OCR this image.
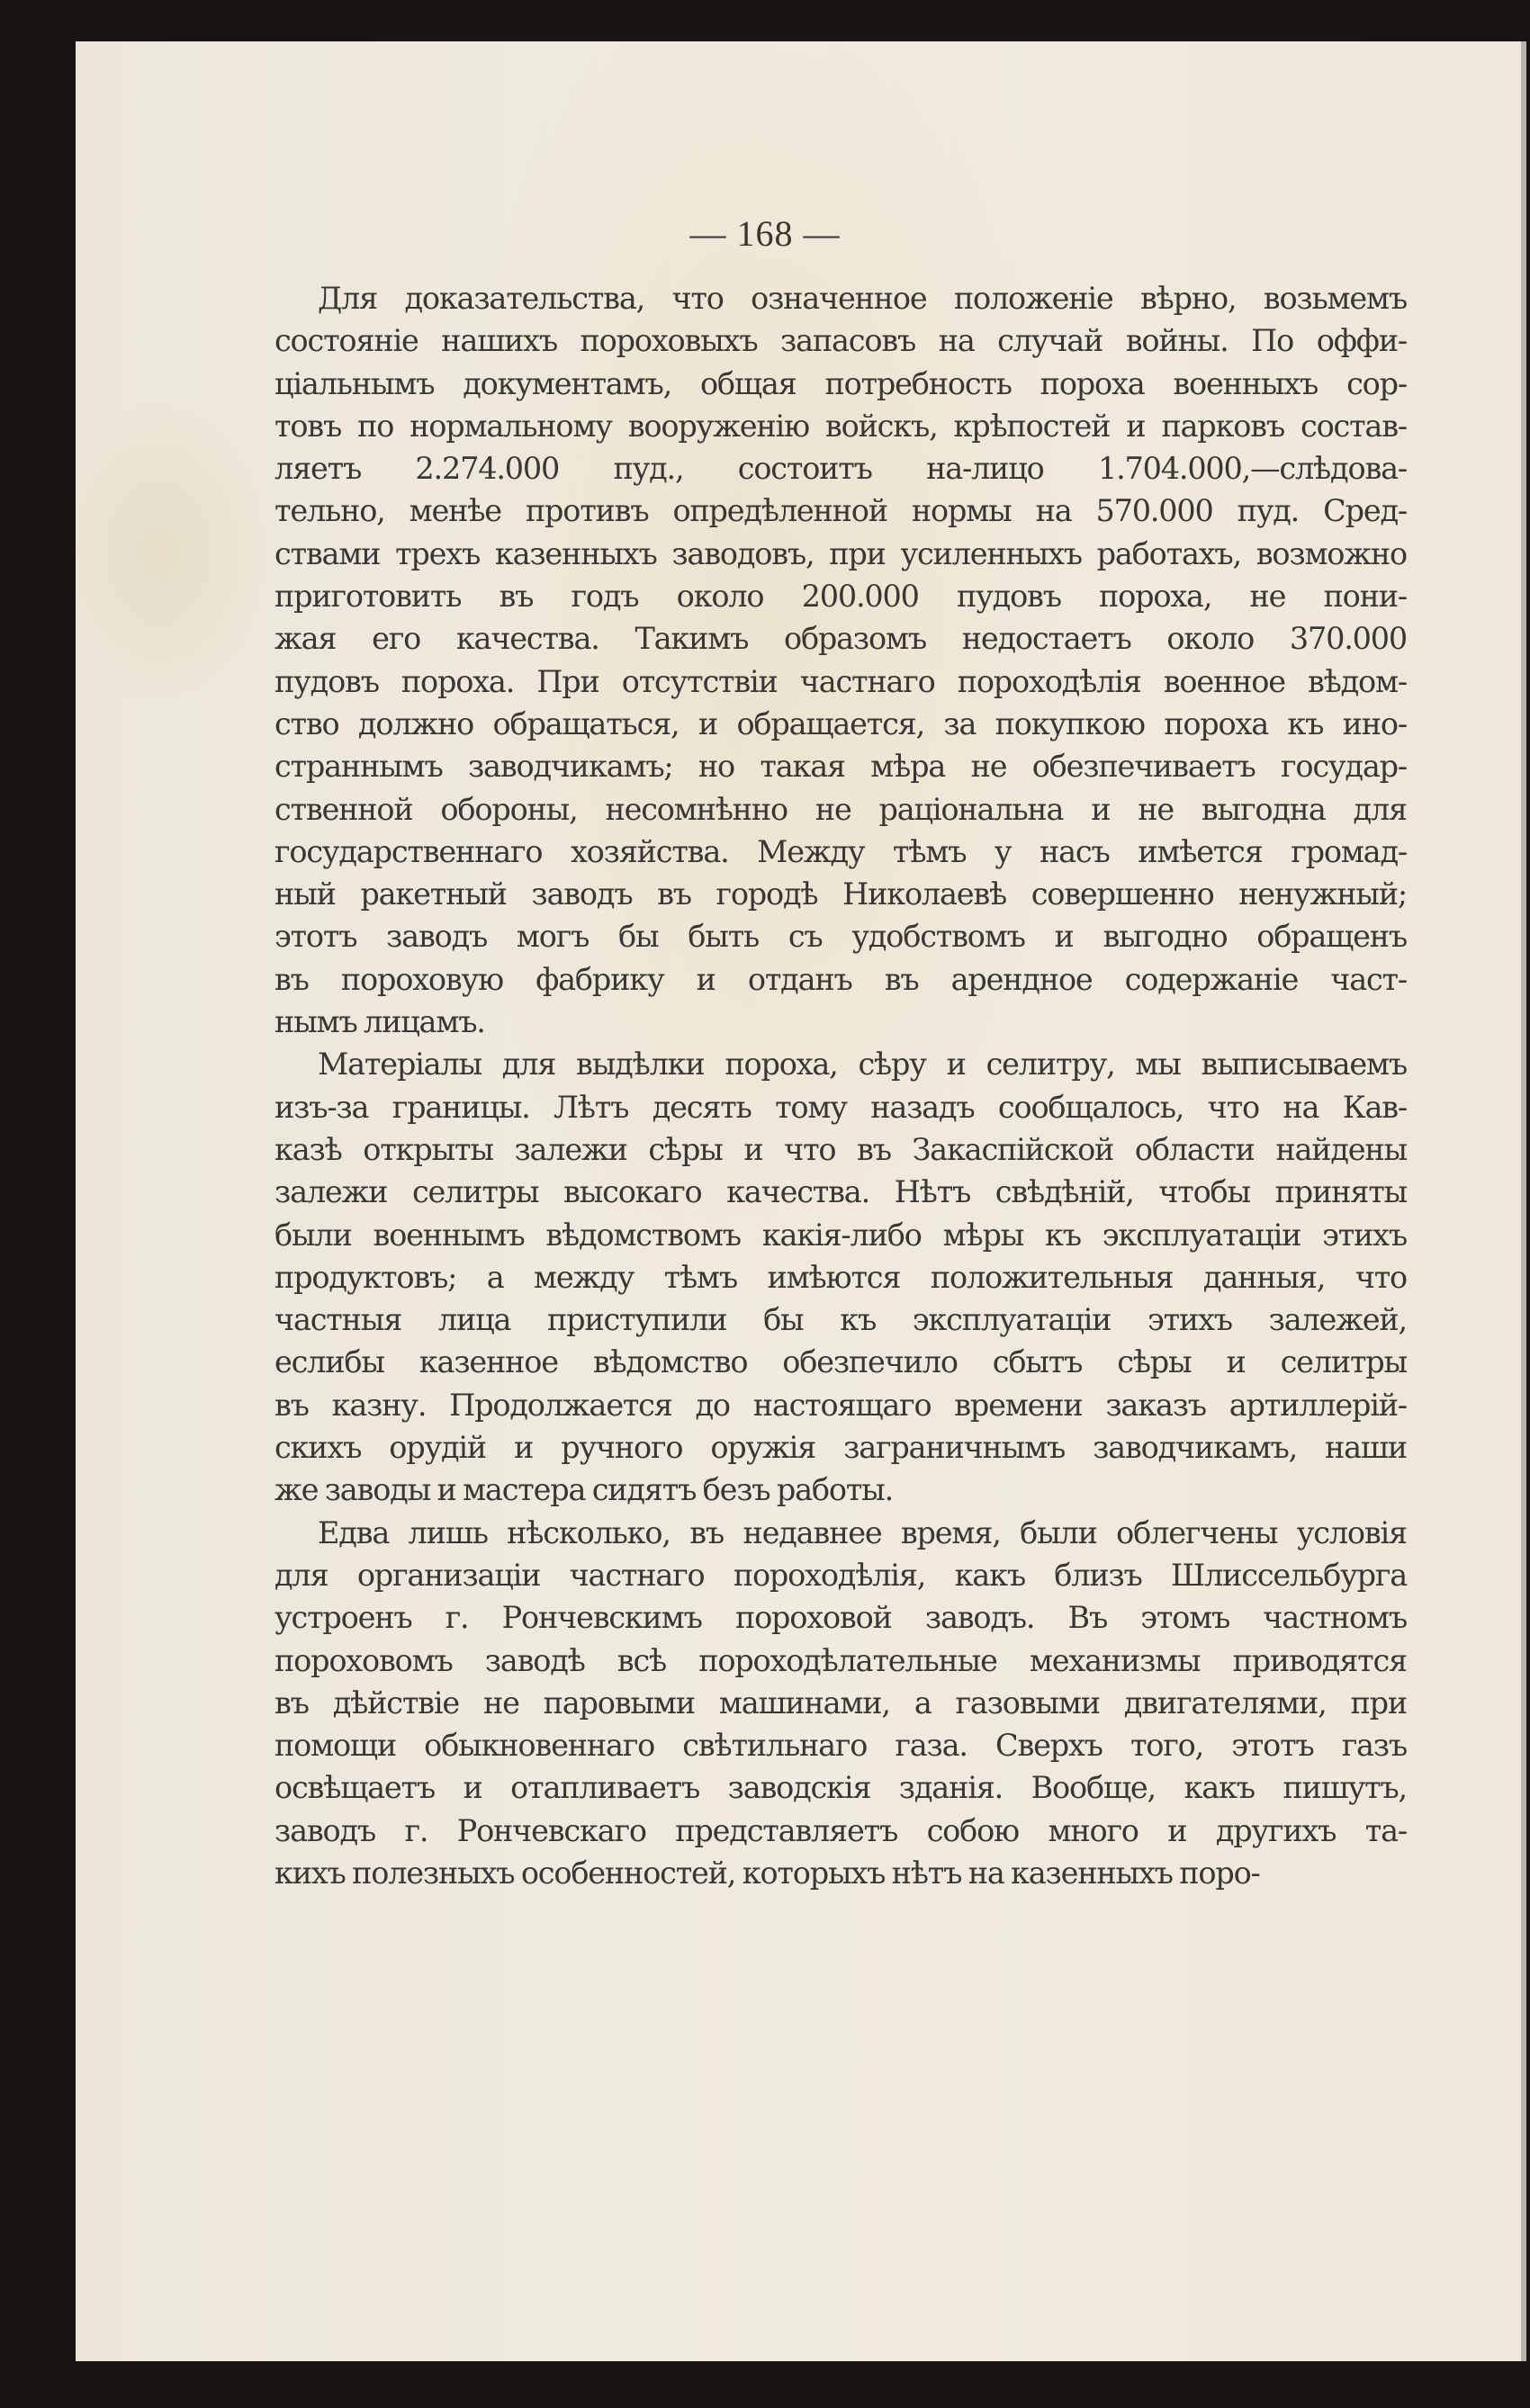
— 168 —
Для доказательства, что означенное положеніе вѣрно, возьмемъ
состояніе нашихъ пороховыхъ запасовъ на случай войны. По оффи-
ціальнымъ документамъ, общая потребность пороха военныхъ сор-
товъ по нормальному вооруженію войскъ, крѣпостей и парковъ состав-
ляетъ 2.274.000 пуд., состоитъ на-лицо 1.704.000,—слѣдова-
тельно, менѣе противъ опредѣленной нормы на 570.000 пуд. Сред-
ствами трехъ казенныхъ заводовъ, при усиленныхъ работахъ, возможно
приготовить въ годъ около 200.000 пудовъ пороха, не пони-
жая его качества. Такимъ образомъ недостаетъ около 370.000
пудовъ пороха. При отсутствіи частнаго пороходѣлія военное вѣдом-
ство должно обращаться, и обращается, за покупкою пороха къ ино-
страннымъ заводчикамъ; но такая мѣра не обезпечиваетъ государ-
ственной обороны, несомнѣнно не раціональна и не выгодна для
государственнаго хозяйства. Между тѣмъ у насъ имѣется громад-
ный ракетный заводъ въ городѣ Николаевѣ совершенно ненужный;
этотъ заводъ могъ бы быть съ удобствомъ и выгодно обращенъ
въ пороховую фабрику и отданъ въ арендное содержаніе част-
нымъ лицамъ.
Матеріалы для выдѣлки пороха, сѣру и селитру, мы выписываемъ
изъ-за границы. Лѣтъ десять тому назадъ сообщалось, что на Кав-
казѣ открыты залежи сѣры и что въ Закаспійской области найдены
залежи селитры высокаго качества. Нѣтъ свѣдѣній, чтобы приняты
были военнымъ вѣдомствомъ какія-либо мѣры къ эксплуатаціи этихъ
продуктовъ; а между тѣмъ имѣются положительныя данныя, что
частныя лица приступили бы къ эксплуатаціи этихъ залежей,
еслибы казенное вѣдомство обезпечило сбытъ сѣры и селитры
въ казну. Продолжается до настоящаго времени заказъ артиллерій-
скихъ орудій и ручного оружія заграничнымъ заводчикамъ, наши
же заводы и мастера сидятъ безъ работы.
Едва лишь нѣсколько, въ недавнее время, были облегчены условія
для организаціи частнаго пороходѣлія, какъ близъ Шлиссельбурга
устроенъ г. Рончевскимъ пороховой заводъ. Въ этомъ частномъ
пороховомъ заводѣ всѣ пороходѣлательные механизмы приводятся
въ дѣйствіе не паровыми машинами, а газовыми двигателями, при
помощи обыкновеннаго свѣтильнаго газа. Сверхъ того, этотъ газъ
освѣщаетъ и отапливаетъ заводскія зданія. Вообще, какъ пишутъ,
заводъ г. Рончевскаго представляетъ собою много и другихъ та-
кихъ полезныхъ особенностей, которыхъ нѣтъ на казенныхъ поро-
